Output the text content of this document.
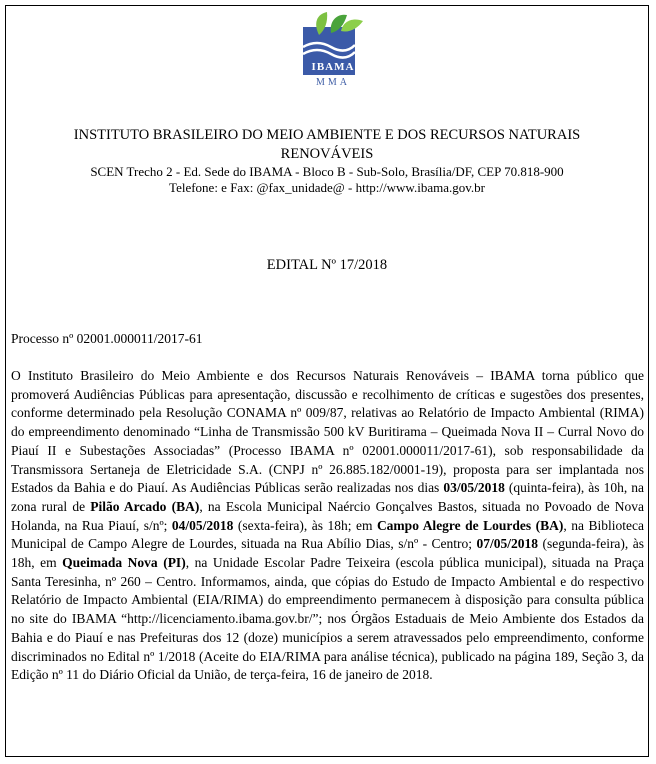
IBAMA
MMA
INSTITUTO BRASILEIRO DO MEIO AMBIENTE E DOS RECURSOS NATURAIS
RENOVÁVEIS
SCEN Trecho 2 - Ed. Sede do IBAMA - Bloco B - Sub-Solo, Brasília/DF, CEP 70.818-900
Telefone: e Fax: @fax_unidade@ - http://www.ibama.gov.br
EDITAL Nº 17/2018
Processo nº 02001.000011/2017-61
O Instituto Brasileiro do Meio Ambiente e dos Recursos Naturais Renováveis – IBAMA torna público que promoverá Audiências Públicas para apresentação, discussão e recolhimento de críticas e sugestões dos presentes, conforme determinado pela Resolução CONAMA nº 009/87, relativas ao Relatório de Impacto Ambiental (RIMA) do empreendimento denominado “Linha de Transmissão 500 kV Buritirama – Queimada Nova II – Curral Novo do Piauí II e Subestações Associadas” (Processo IBAMA nº 02001.000011/2017-61), sob responsabilidade da Transmissora Sertaneja de Eletricidade S.A. (CNPJ nº 26.885.182/0001-19), proposta para ser implantada nos Estados da Bahia e do Piauí. As Audiências Públicas serão realizadas nos dias 03/05/2018 (quinta-feira), às 10h, na zona rural de Pilão Arcado (BA), na Escola Municipal Naércio Gonçalves Bastos, situada no Povoado de Nova Holanda, na Rua Piauí, s/nº; 04/05/2018 (sexta-feira), às 18h; em Campo Alegre de Lourdes (BA), na Biblioteca Municipal de Campo Alegre de Lourdes, situada na Rua Abílio Dias, s/nº - Centro; 07/05/2018 (segunda-feira), às 18h, em Queimada Nova (PI), na Unidade Escolar Padre Teixeira (escola pública municipal), situada na Praça Santa Teresinha, nº 260 – Centro. Informamos, ainda, que cópias do Estudo de Impacto Ambiental e do respectivo Relatório de Impacto Ambiental (EIA/RIMA) do empreendimento permanecem à disposição para consulta pública no site do IBAMA “http://licenciamento.ibama.gov.br/”; nos Órgãos Estaduais de Meio Ambiente dos Estados da Bahia e do Piauí e nas Prefeituras dos 12 (doze) municípios a serem atravessados pelo empreendimento, conforme discriminados no Edital nº 1/2018 (Aceite do EIA/RIMA para análise técnica), publicado na página 189, Seção 3, da Edição nº 11 do Diário Oficial da União, de terça-feira, 16 de janeiro de 2018.
